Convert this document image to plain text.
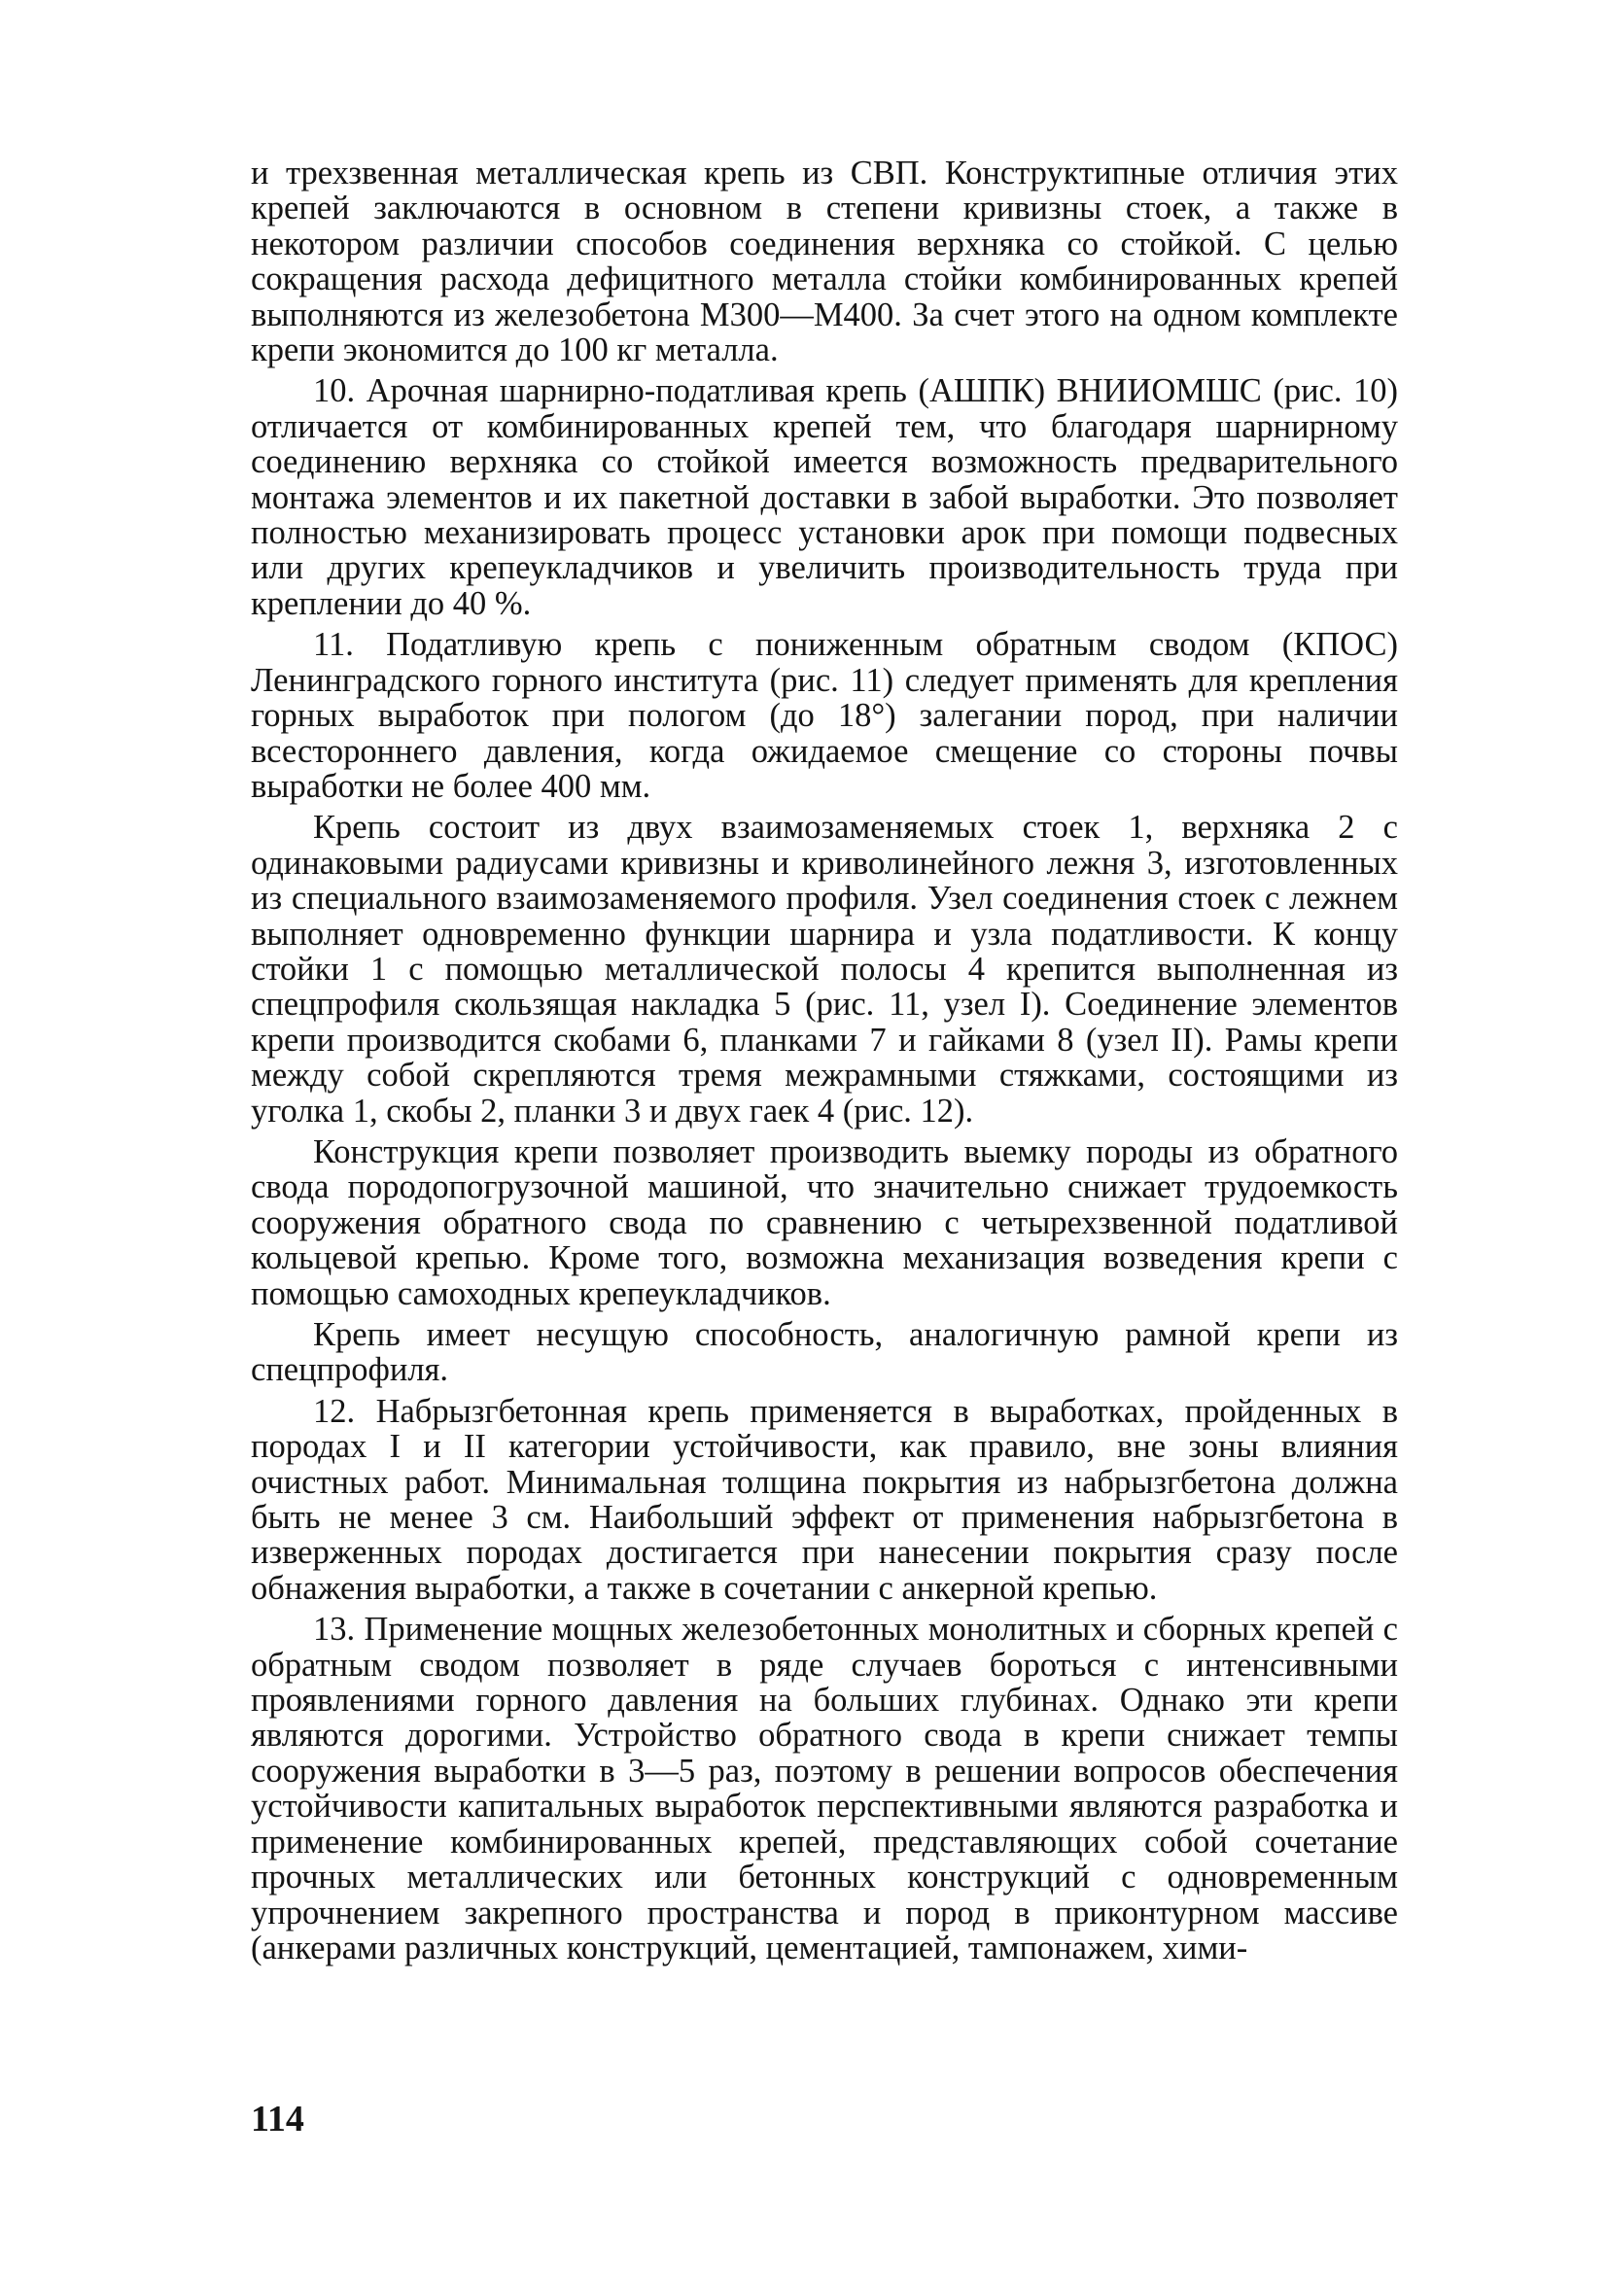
и трехзвенная металлическая крепь из СВП. Конструктипные отличия этих крепей заключаются в основном в степени кривизны стоек, а также в некотором различии способов соединения верхняка со стойкой. С целью сокращения расхода дефицитного металла стойки комбинированных крепей выполняются из железобетона М300—М400. За счет этого на одном комплекте крепи экономится до 100 кг металла.

10. Арочная шарнирно-податливая крепь (АШПК) ВНИИОМШС (рис. 10) отличается от комбинированных крепей тем, что благодаря шарнирному соединению верхняка со стойкой имеется возможность предварительного монтажа элементов и их пакетной доставки в забой выработки. Это позволяет полностью механизировать процесс установки арок при помощи подвесных или других крепеукладчиков и увеличить производительность труда при креплении до 40 %.

11. Податливую крепь с пониженным обратным сводом (КПОС) Ленинградского горного института (рис. 11) следует применять для крепления горных выработок при пологом (до 18°) залегании пород, при наличии всестороннего давления, когда ожидаемое смещение со стороны почвы выработки не более 400 мм.

Крепь состоит из двух взаимозаменяемых стоек 1, верхняка 2 с одинаковыми радиусами кривизны и криволинейного лежня 3, изготовленных из специального взаимозаменяемого профиля. Узел соединения стоек с лежнем выполняет одновременно функции шарнира и узла податливости. К концу стойки 1 с помощью металлической полосы 4 крепится выполненная из спецпрофиля скользящая накладка 5 (рис. 11, узел I). Соединение элементов крепи производится скобами 6, планками 7 и гайками 8 (узел II). Рамы крепи между собой скрепляются тремя межрамными стяжками, состоящими из уголка 1, скобы 2, планки 3 и двух гаек 4 (рис. 12).

Конструкция крепи позволяет производить выемку породы из обратного свода породопогрузочной машиной, что значительно снижает трудоемкость сооружения обратного свода по сравнению с четырехзвенной податливой кольцевой крепью. Кроме того, возможна механизация возведения крепи с помощью самоходных крепеукладчиков.

Крепь имеет несущую способность, аналогичную рамной крепи из спецпрофиля.

12. Набрызгбетонная крепь применяется в выработках, пройденных в породах I и II категории устойчивости, как правило, вне зоны влияния очистных работ. Минимальная толщина покрытия из набрызгбетона должна быть не менее 3 см. Наибольший эффект от применения набрызгбетона в изверженных породах достигается при нанесении покрытия сразу после обнажения выработки, а также в сочетании с анкерной крепью.

13. Применение мощных железобетонных монолитных и сборных крепей с обратным сводом позволяет в ряде случаев бороться с интенсивными проявлениями горного давления на больших глубинах. Однако эти крепи являются дорогими. Устройство обратного свода в крепи снижает темпы сооружения выработки в 3—5 раз, поэтому в решении вопросов обеспечения устойчивости капитальных выработок перспективными являются разработка и применение комбинированных крепей, представляющих собой сочетание прочных металлических или бетонных конструкций с одновременным упрочнением закрепного пространства и пород в приконтурном массиве (анкерами различных конструкций, цементацией, тампонажем, хими-

114
